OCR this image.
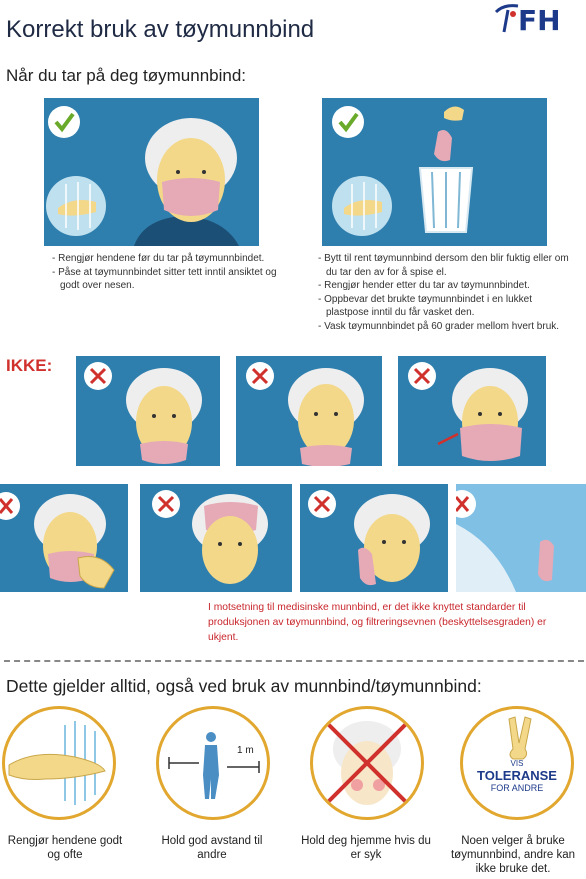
Korrekt bruk av tøymunnbind	FH
Når du tar på deg tøymunnbind:
- Rengjør hendene før du tar på tøymunnbindet.
- Påse at tøymunnbindet sitter tett inntil ansiktet og godt over nesen.
- Bytt til rent tøymunnbind dersom den blir fuktig eller om du tar den av for å spise el.
- Rengjør hender etter du tar av tøymunnbindet.
- Oppbevar det brukte tøymunnbindet i en lukket plastpose inntil du får vasket den.
- Vask tøymunnbindet på 60 grader mellom hvert bruk.
IKKE:
I motsetning til medisinske munnbind, er det ikke knyttet standarder til produksjonen av tøymunnbind, og filtreringsevnen (beskyttelsesgraden) er ukjent.
Dette gjelder alltid, også ved bruk av munnbind/tøymunnbind:
1 m
VIS
TOLERANSE
FOR ANDRE
Rengjør hendene godt og ofte
Hold god avstand til andre
Hold deg hjemme hvis du er syk
Noen velger å bruke tøymunnbind, andre kan ikke bruke det.
